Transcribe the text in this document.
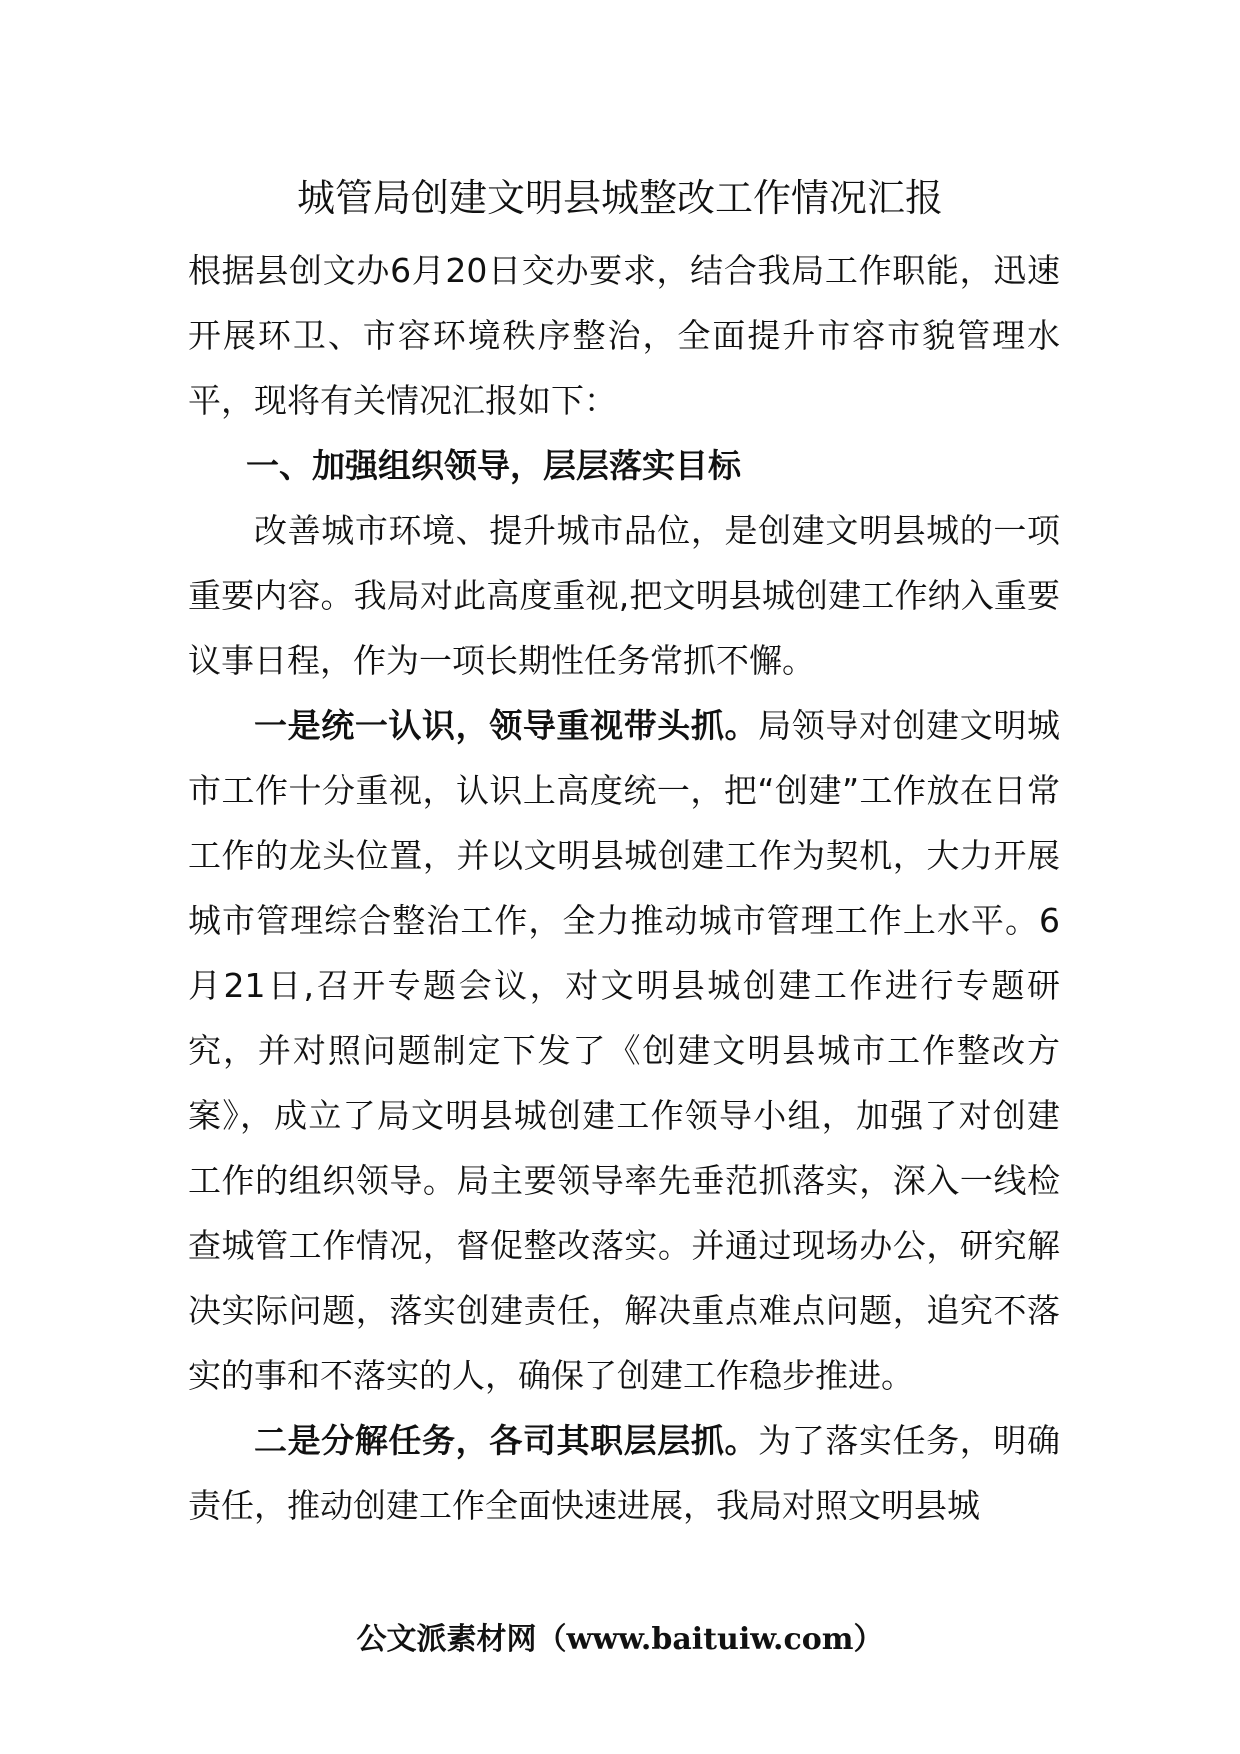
城管局创建文明县城整改工作情况汇报

根据县创文办6月20日交办要求，结合我局工作职能，迅速开展环卫、市容环境秩序整治，全面提升市容市貌管理水平，现将有关情况汇报如下：

一、加强组织领导，层层落实目标

改善城市环境、提升城市品位，是创建文明县城的一项重要内容。我局对此高度重视,把文明县城创建工作纳入重要议事日程，作为一项长期性任务常抓不懈。

一是统一认识，领导重视带头抓。局领导对创建文明城市工作十分重视，认识上高度统一，把“创建”工作放在日常工作的龙头位置，并以文明县城创建工作为契机，大力开展城市管理综合整治工作，全力推动城市管理工作上水平。6月21日,召开专题会议，对文明县城创建工作进行专题研究，并对照问题制定下发了《创建文明县城市工作整改方案》，成立了局文明县城创建工作领导小组，加强了对创建工作的组织领导。局主要领导率先垂范抓落实，深入一线检查城管工作情况，督促整改落实。并通过现场办公，研究解决实际问题，落实创建责任，解决重点难点问题，追究不落实的事和不落实的人，确保了创建工作稳步推进。

二是分解任务，各司其职层层抓。为了落实任务，明确责任，推动创建工作全面快速进展，我局对照文明县城

公文派素材网（www.baituiw.com）
